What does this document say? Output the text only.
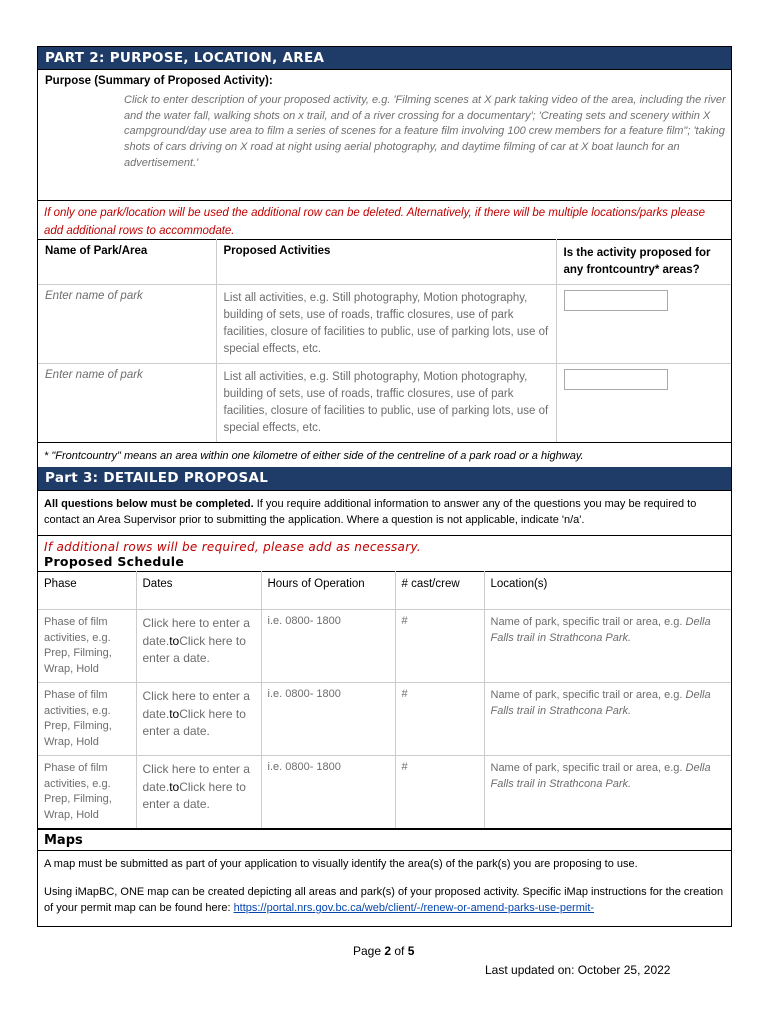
PART 2: PURPOSE, LOCATION, AREA
Purpose (Summary of Proposed Activity):
Click to enter description of your proposed activity, e.g. 'Filming scenes at X park taking video of the area, including the river and the water fall, walking shots on x trail, and of a river crossing for a documentary'; 'Creating sets and scenery within X campground/day use area to film a series of scenes for a feature film involving 100 crew members for a feature film"; 'taking shots of cars driving on X road at night using aerial photography, and daytime filming of car at X boat launch for an advertisement.'
If only one park/location will be used the additional row can be deleted. Alternatively, if there will be multiple locations/parks please add additional rows to accommodate.
Name of Park/Area	Proposed Activities	Is the activity proposed for any frontcountry* areas?
Enter name of park	List all activities, e.g. Still photography, Motion photography, building of sets, use of roads, traffic closures, use of park facilities, closure of facilities to public, use of parking lots, use of special effects, etc.	

Enter name of park	List all activities, e.g. Still photography, Motion photography, building of sets, use of roads, traffic closures, use of park facilities, closure of facilities to public, use of parking lots, use of special effects, etc.	
* "Frontcountry" means an area within one kilometre of either side of the centreline of a park road or a highway.
Part 3: DETAILED PROPOSAL
All questions below must be completed. If you require additional information to answer any of the questions you may be required to contact an Area Supervisor prior to submitting the application. Where a question is not applicable, indicate 'n/a'.
If additional rows will be required, please add as necessary.
Proposed Schedule
Phase	Dates	Hours of Operation	# cast/crew	Location(s)
Phase of film activities, e.g. Prep, Filming, Wrap, Hold	Click here to enter a date.toClick here to enter a date.	i.e. 0800- 1800	#	Name of park, specific trail or area, e.g. Della Falls trail in Strathcona Park.
Phase of film activities, e.g. Prep, Filming, Wrap, Hold	Click here to enter a date.toClick here to enter a date.	i.e. 0800- 1800	#	Name of park, specific trail or area, e.g. Della Falls trail in Strathcona Park.
Phase of film activities, e.g. Prep, Filming, Wrap, Hold	Click here to enter a date.toClick here to enter a date.	i.e. 0800- 1800	#	Name of park, specific trail or area, e.g. Della Falls trail in Strathcona Park.
Maps
A map must be submitted as part of your application to visually identify the area(s) of the park(s) you are proposing to use.
Using iMapBC, ONE map can be created depicting all areas and park(s) of your proposed activity. Specific iMap instructions for the creation of your permit map can be found here: https://portal.nrs.gov.bc.ca/web/client/-/renew-or-amend-parks-use-permit-
Page 2 of 5
Last updated on: October 25, 2022
